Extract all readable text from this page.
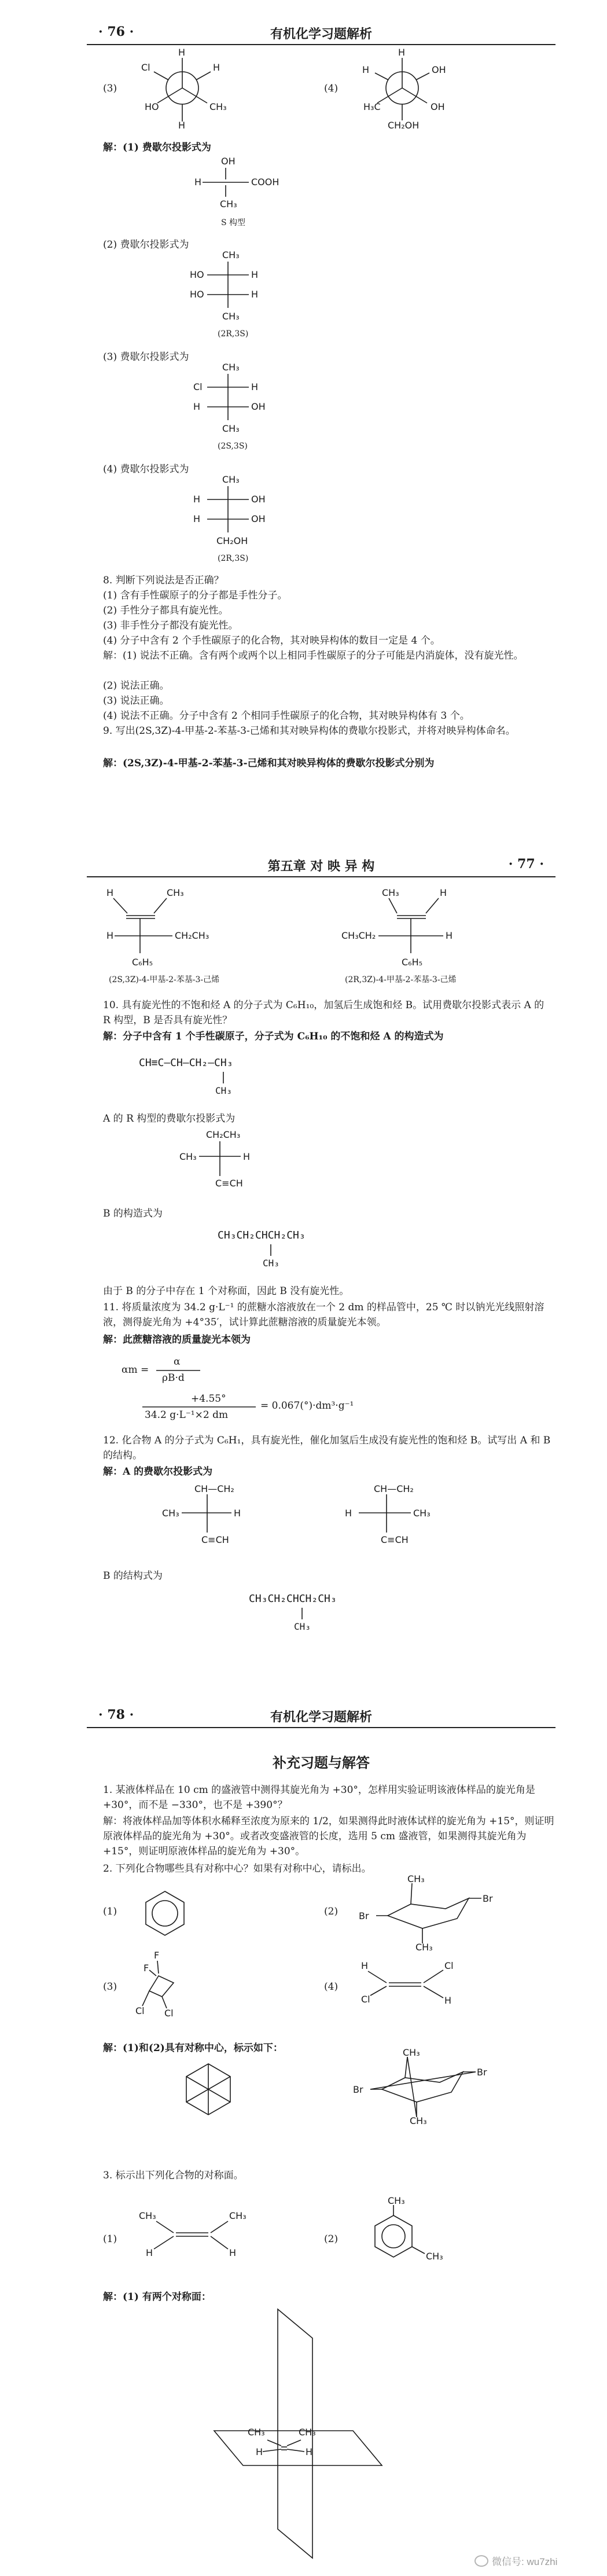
· 76 ·	有机化学习题解析
(3)
Cl	H
HO	CH₃
H
H
(4)
H
OH
H
H₃C	OH
CH₂OH
解：(1) 费歇尔投影式为
OH
H	COOH
CH₃
S 构型
(2) 费歇尔投影式为
CH₃
HO	H
HO	H
CH₃
(2R,3S)
(3) 费歇尔投影式为
CH₃
Cl	H
H	OH
CH₃
(2S,3S)
(4) 费歇尔投影式为
CH₃
H	OH
H	OH
CH₂OH
(2R,3S)
8. 判断下列说法是否正确？
(1) 含有手性碳原子的分子都是手性分子。
(2) 手性分子都具有旋光性。
(3) 非手性分子都没有旋光性。
(4) 分子中含有 2 个手性碳原子的化合物，其对映异构体的数目一定是 4 个。
解：(1) 说法不正确。含有两个或两个以上相同手性碳原子的分子可能是内消旋体，没有旋光性。
(2) 说法正确。
(3) 说法正确。
(4) 说法不正确。分子中含有 2 个相同手性碳原子的化合物，其对映异构体有 3 个。
9. 写出(2S,3Z)-4-甲基-2-苯基-3-己烯和其对映异构体的费歇尔投影式，并将对映异构体命名。
解：(2S,3Z)-4-甲基-2-苯基-3-己烯和其对映异构体的费歇尔投影式分别为
第五章 对 映 异 构	· 77 ·
H	CH₃
H	CH₂CH₃
C₆H₅
(2S,3Z)-4-甲基-2-苯基-3-己烯
CH₃	H
CH₃CH₂	H
C₆H₅
(2R,3Z)-4-甲基-2-苯基-3-己烯
10. 具有旋光性的不饱和烃 A 的分子式为 C₆H₁₀，加氢后生成饱和烃 B。试用费歇尔投影式表示 A 的 R 构型，B 是否具有旋光性？
解：分子中含有 1 个手性碳原子，分子式为 C₆H₁₀ 的不饱和烃 A 的构造式为
CH≡C—CH—CH₂—CH₃
CH₃
A 的 R 构型的费歇尔投影式为
CH₂CH₃
CH₃	H
C≡CH
B 的构造式为
CH₃CH₂CHCH₂CH₃
CH₃
由于 B 的分子中存在 1 个对称面，因此 B 没有旋光性。
11. 将质量浓度为 34.2 g·L⁻¹ 的蔗糖水溶液放在一个 2 dm 的样品管中，25 ℃ 时以钠光光线照射溶液，测得旋光角为 +4°35′，试计算此蔗糖溶液的质量旋光本领。
解：此蔗糖溶液的质量旋光本领为
αm =
α
ρB·d
+4.55°
34.2 g·L⁻¹×2 dm
= 0.067(°)·dm³·g⁻¹
12. 化合物 A 的分子式为 C₆H₁，具有旋光性，催化加氢后生成没有旋光性的饱和烃 B。试写出 A 和 B 的结构。
解：A 的费歇尔投影式为
CH—CH₂
CH₃	H
C≡CH
CH—CH₂
H	CH₃
C≡CH
B 的结构式为
CH₃CH₂CHCH₂CH₃
CH₃
· 78 ·	有机化学习题解析
补充习题与解答
1. 某液体样品在 10 cm 的盛液管中测得其旋光角为 +30°，怎样用实验证明该液体样品的旋光角是 +30°，而不是 −330°，也不是 +390°？
解：将液体样品加等体积水稀释至浓度为原来的 1/2，如果测得此时液体试样的旋光角为 +15°，则证明原液体样品的旋光角为 +30°。或者改变盛液管的长度，选用 5 cm 盛液管，如果测得其旋光角为 +15°，则证明原液体样品的旋光角为 +30°。
2. 下列化合物哪些具有对称中心？如果有对称中心，请标出。
(1)	(2)
CH₃
Br
Br
CH₃
(3)
F
F
Cl Cl
(4)
H
Cl
Cl
H
解：(1)和(2)具有对称中心，标示如下：	CH₃
Br
Br
CH₃
3. 标示出下列化合物的对称面。
(1)
CH₃
H
CH₃
H
(2)
CH₃
CH₃
解：(1) 有两个对称面：
CH₃	CH₃
H	H
微信号: wu7zhi
